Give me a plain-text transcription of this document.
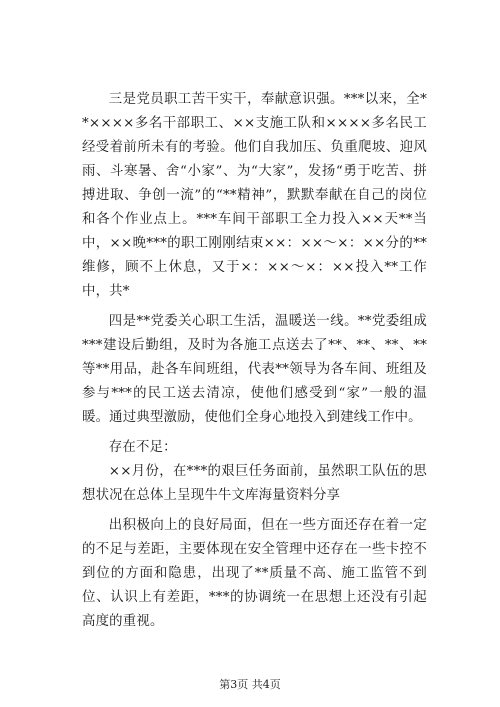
三是党员职工苦干实干，奉献意识强。***以来，全**××××多名干部职工、××支施工队和××××多名民工经受着前所未有的考验。他们自我加压、负重爬坡、迎风雨、斗寒暑、舍“小家”、为“大家”，发扬“勇于吃苦、拼搏进取、争创一流”的“**精神”，默默奉献在自己的岗位和各个作业点上。***车间干部职工全力投入××天**当中，××晚***的职工刚刚结束××：××～×：××分的**维修，顾不上休息，又于×：××～×：××投入**工作中，共*

四是**党委关心职工生活，温暖送一线。**党委组成***建设后勤组，及时为各施工点送去了**、**、**、**等**用品，赴各车间班组，代表**领导为各车间、班组及参与***的民工送去清凉，使他们感受到“家”一般的温暖。通过典型激励，使他们全身心地投入到建线工作中。

存在不足：

××月份，在***的艰巨任务面前，虽然职工队伍的思想状况在总体上呈现牛牛文库海量资料分享

出积极向上的良好局面，但在一些方面还存在着一定的不足与差距，主要体现在安全管理中还存在一些卡控不到位的方面和隐患，出现了**质量不高、施工监管不到位、认识上有差距，***的协调统一在思想上还没有引起高度的重视。

第3页 共4页
